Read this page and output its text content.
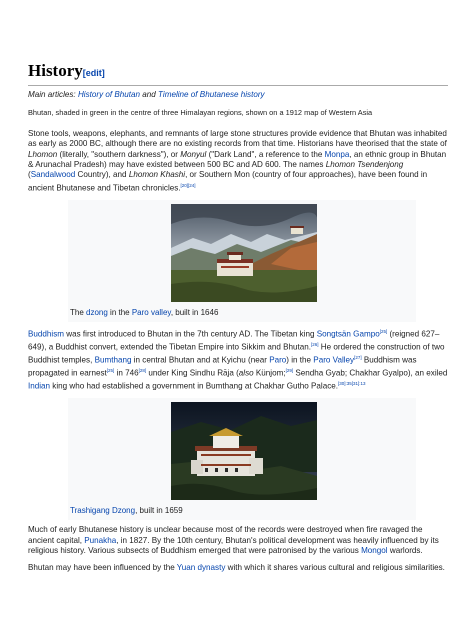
History[edit]

Main articles: History of Bhutan and Timeline of Bhutanese history

Bhutan, shaded in green in the centre of three Himalayan regions, shown on a 1912 map of Western Asia

Stone tools, weapons, elephants, and remnants of large stone structures provide evidence that Bhutan was inhabited as early as 2000 BC, although there are no existing records from that time. Historians have theorised that the state of Lhomon (literally, "southern darkness"), or Monyul ("Dark Land", a reference to the Monpa, an ethnic group in Bhutan & Arunachal Pradesh) may have existed between 500 BC and AD 600. The names Lhomon Tsendenjong (Sandalwood Country), and Lhomon Khashi, or Southern Mon (country of four approaches), have been found in ancient Bhutanese and Tibetan chronicles.[20][24]

The dzong in the Paro valley, built in 1646

Buddhism was first introduced to Bhutan in the 7th century AD. The Tibetan king Songtsän Gampo[25] (reigned 627–649), a Buddhist convert, extended the Tibetan Empire into Sikkim and Bhutan.[26] He ordered the construction of two Buddhist temples, Bumthang in central Bhutan and at Kyichu (near Paro) in the Paro Valley[27] Buddhism was propagated in earnest[25] in 746[28] under King Sindhu Rāja (also Künjom;[29] Sendha Gyab; Chakhar Gyalpo), an exiled Indian king who had established a government in Bumthang at Chakhar Gutho Palace.$^{[30]:35[31]:13}$

Trashigang Dzong, built in 1659

Much of early Bhutanese history is unclear because most of the records were destroyed when fire ravaged the ancient capital, Punakha, in 1827. By the 10th century, Bhutan's political development was heavily influenced by its religious history. Various subsects of Buddhism emerged that were patronised by the various Mongol warlords.

Bhutan may have been influenced by the Yuan dynasty with which it shares various cultural and religious similarities.
